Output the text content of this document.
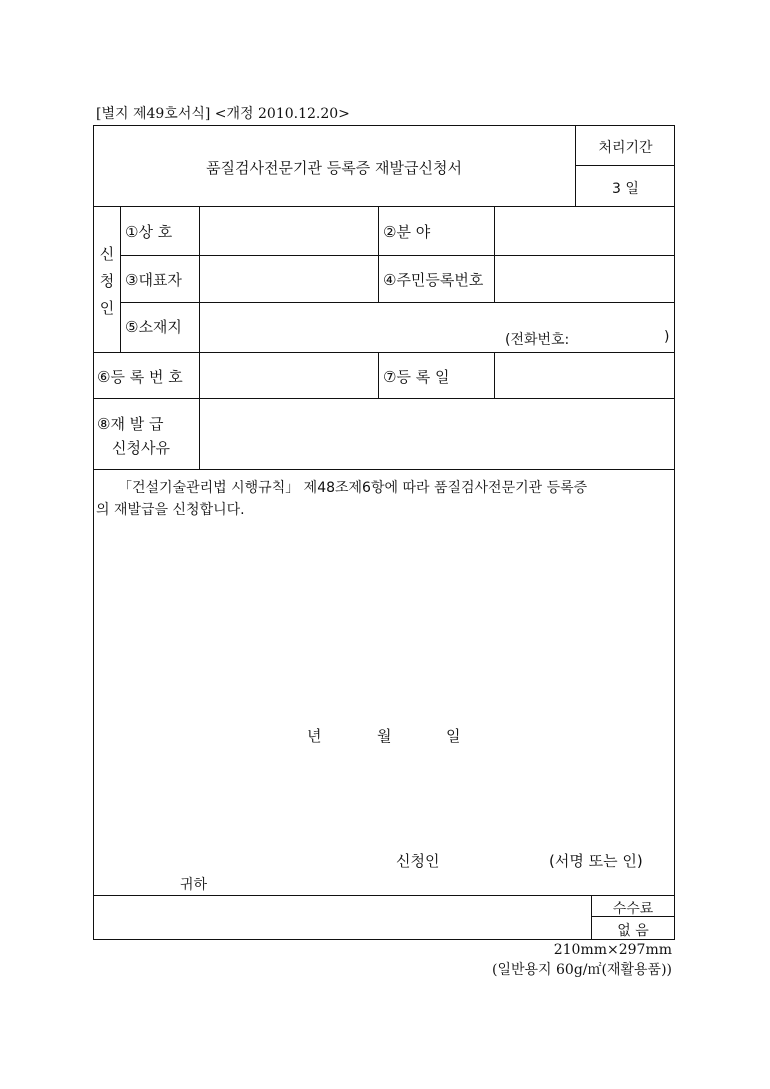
[별지 제49호서식] <개정 2010.12.20>
품질검사전문기관 등록증 재발급신청서
처리기간
3 일
신
청
인
①상 호	②분 야
③대표자	④주민등록번호
⑤소재지
(전화번호:	)
⑥등 록 번 호	⑦등 록 일
⑧재 발 급
신청사유
「건설기술관리법 시행규칙」 제48조제6항에 따라 품질검사전문기관 등록증
의 재발급을 신청합니다.
년	월	일
신청인	(서명 또는 인)
귀하
수수료
없 음
210mm×297mm
(일반용지 60g/㎡(재활용품))
